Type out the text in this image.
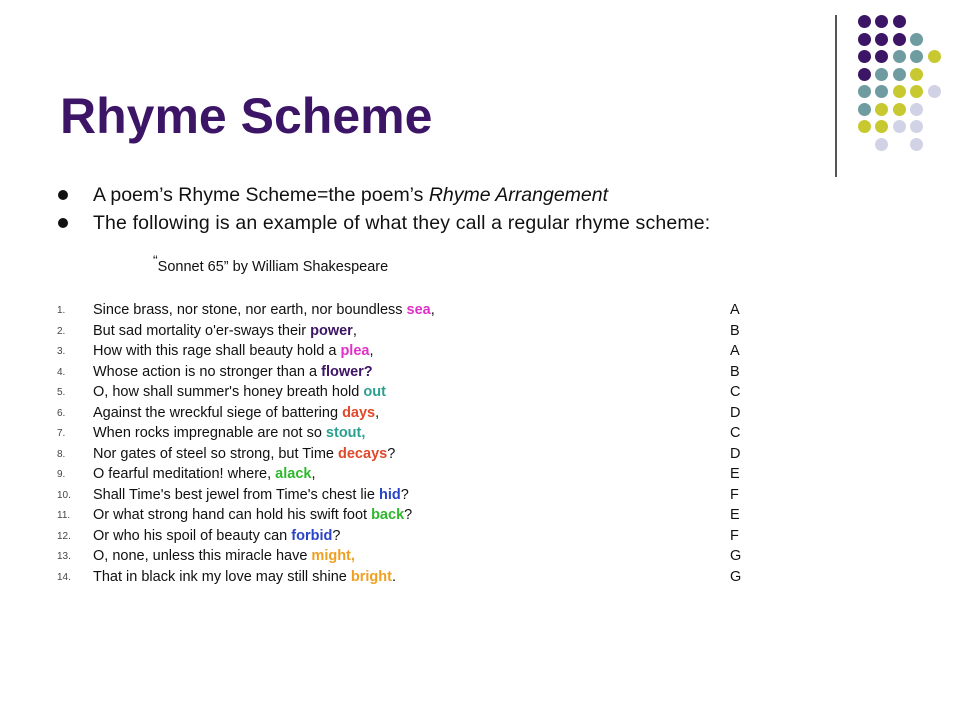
Rhyme Scheme
A poem’s Rhyme Scheme=the poem’s Rhyme Arrangement
The following is an example of what they call a regular rhyme scheme:
“Sonnet 65” by William Shakespeare
1.	Since brass, nor stone, nor earth, nor boundless sea,	A
2.	But sad mortality o'er-sways their power,	B
3.	How with this rage shall beauty hold a plea,	A
4.	Whose action is no stronger than a flower?	B
5.	O, how shall summer's honey breath hold out	C
6.	Against the wreckful siege of battering days,	D
7.	When rocks impregnable are not so stout,	C
8.	Nor gates of steel so strong, but Time decays?	D
9.	O fearful meditation! where, alack,	E
10.	Shall Time's best jewel from Time's chest lie hid?	F
11.	Or what strong hand can hold his swift foot back?	E
12.	Or who his spoil of beauty can forbid?	F
13.	O, none, unless this miracle have might,	G
14.	That in black ink my love may still shine bright.	G
